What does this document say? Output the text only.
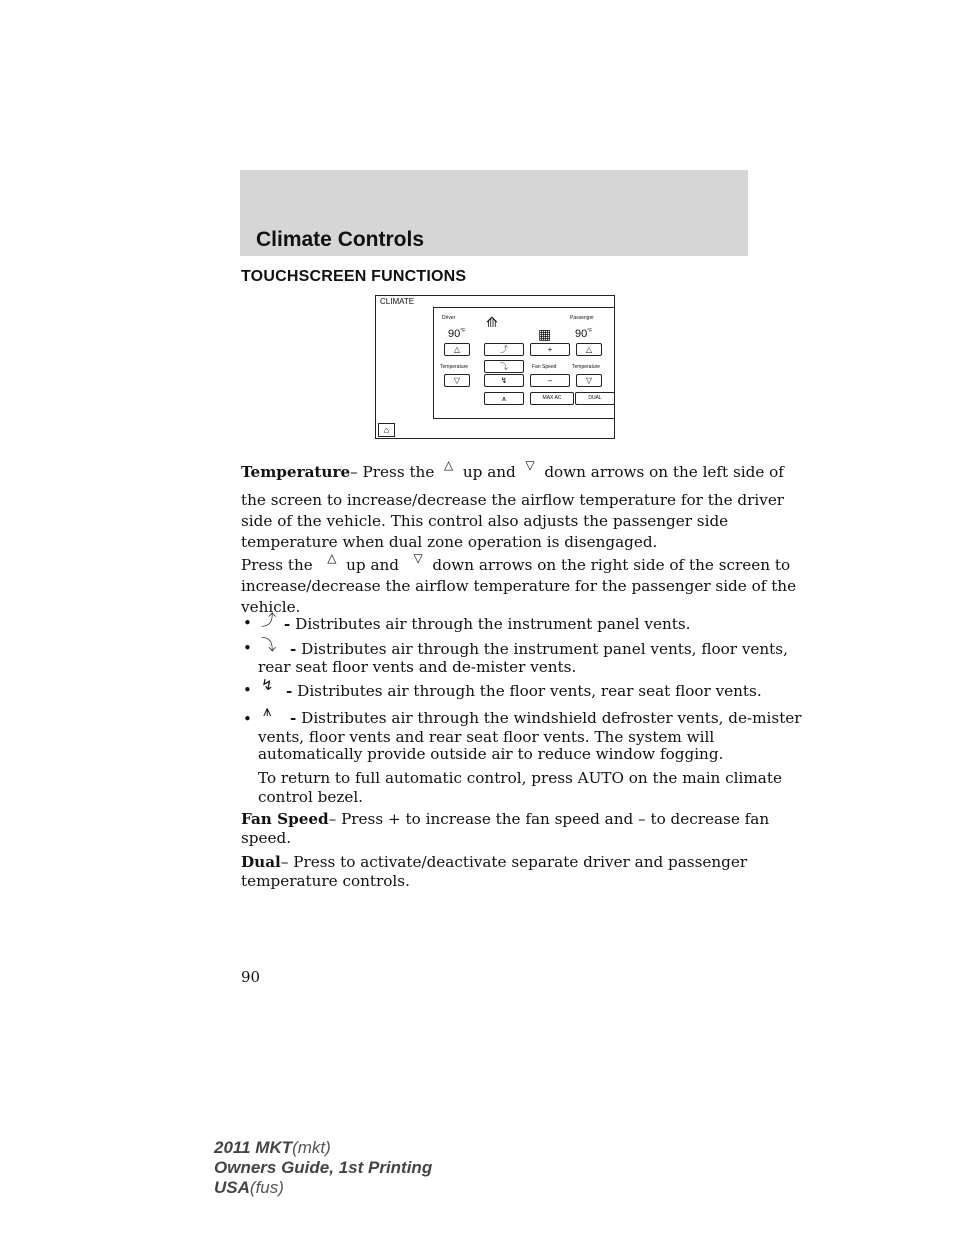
Climate Controls
TOUCHSCREEN FUNCTIONS
CLIMATE
Driver	Passenger
$90^{^\circ F}$	$90^{^\circ F}$
⟰
▦
△	⤴	+	△
Temperature	⤵	Fan Speed	Temperature
▽	↯	–	▽
⩚	MAX AC	DUAL
⌂
Temperature– Press the △ up and ▽ down arrows on the left side of
the screen to increase/decrease the airflow temperature for the driver
side of the vehicle. This control also adjusts the passenger side
temperature when dual zone operation is disengaged.
Press the △ up and ▽ down arrows on the right side of the screen to
increase/decrease the airflow temperature for the passenger side of the
vehicle.
• ⤴ - Distributes air through the instrument panel vents.
• ⤵ - Distributes air through the instrument panel vents, floor vents,
rear seat floor vents and de-mister vents.
• ↯ - Distributes air through the floor vents, rear seat floor vents.
• ⩚ - Distributes air through the windshield defroster vents, de-mister
vents, floor vents and rear seat floor vents. The system will
automatically provide outside air to reduce window fogging.
To return to full automatic control, press AUTO on the main climate
control bezel.
Fan Speed– Press + to increase the fan speed and – to decrease fan
speed.
Dual– Press to activate/deactivate separate driver and passenger
temperature controls.
90
2011 MKT(mkt)
Owners Guide, 1st Printing
USA(fus)
